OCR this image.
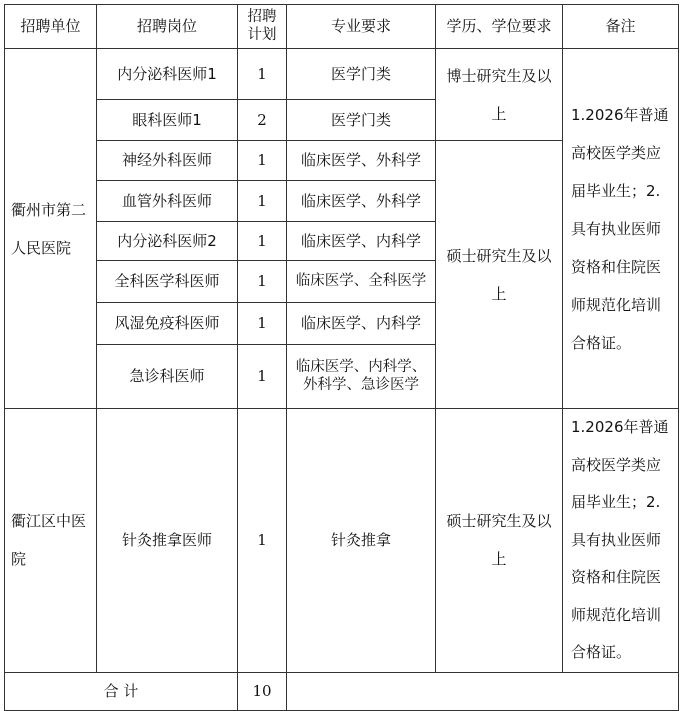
招聘单位	招聘岗位	招聘计划	专业要求	学历、学位要求	备注
衢州市第二人民医院	内分泌科医师1	1	医学门类	博士研究生及以上	1.2026年普通高校医学类应届毕业生；2.具有执业医师资格和住院医师规范化培训合格证。
	眼科医师1	2	医学门类		
	神经外科医师	1	临床医学、外科学	硕士研究生及以上	
	血管外科医师	1	临床医学、外科学		
	内分泌科医师2	1	临床医学、内科学		
	全科医学科医师	1	临床医学、全科医学		
	风湿免疫科医师	1	临床医学、内科学		
	急诊科医师	1	临床医学、内科学、外科学、急诊医学		
衢江区中医院	针灸推拿医师	1	针灸推拿	硕士研究生及以上	1.2026年普通高校医学类应届毕业生；2.具有执业医师资格和住院医师规范化培训合格证。
合 计		10			
